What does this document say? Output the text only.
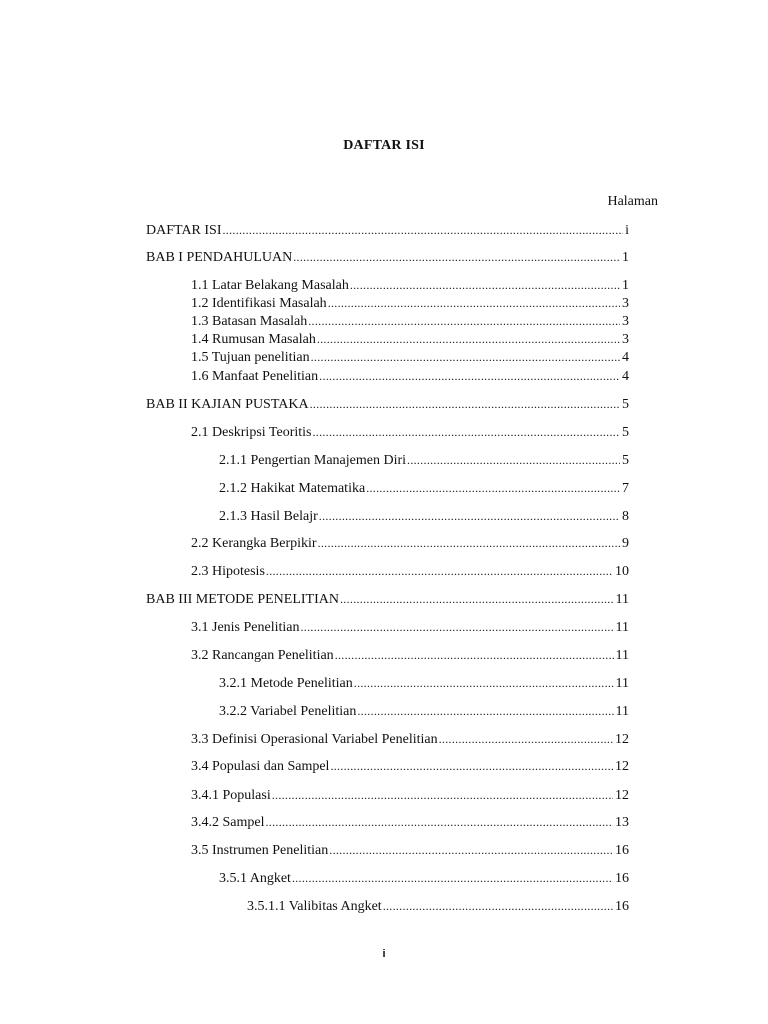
DAFTAR ISI
Halaman
DAFTAR ISI .....	i
BAB I PENDAHULUAN .....	1
1.1 Latar Belakang Masalah .....	1
1.2 Identifikasi Masalah .....	3
1.3 Batasan Masalah .....	3
1.4 Rumusan Masalah .....	3
1.5 Tujuan penelitian .....	4
1.6 Manfaat Penelitian .....	4
BAB II KAJIAN PUSTAKA .....	5
2.1 Deskripsi Teoritis .....	5
2.1.1 Pengertian Manajemen Diri .....	5
2.1.2 Hakikat Matematika .....	7
2.1.3 Hasil Belajr .....	8
2.2 Kerangka Berpikir .....	9
2.3 Hipotesis .....	10
BAB III METODE PENELITIAN .....	11
3.1 Jenis Penelitian .....	11
3.2 Rancangan Penelitian .....	11
3.2.1 Metode Penelitian .....	11
3.2.2 Variabel Penelitian .....	11
3.3 Definisi Operasional Variabel Penelitian .....	12
3.4 Populasi dan Sampel .....	12
3.4.1 Populasi .....	12
3.4.2 Sampel .....	13
3.5 Instrumen Penelitian .....	16
3.5.1 Angket .....	16
3.5.1.1 Valibitas Angket .....	16
i
